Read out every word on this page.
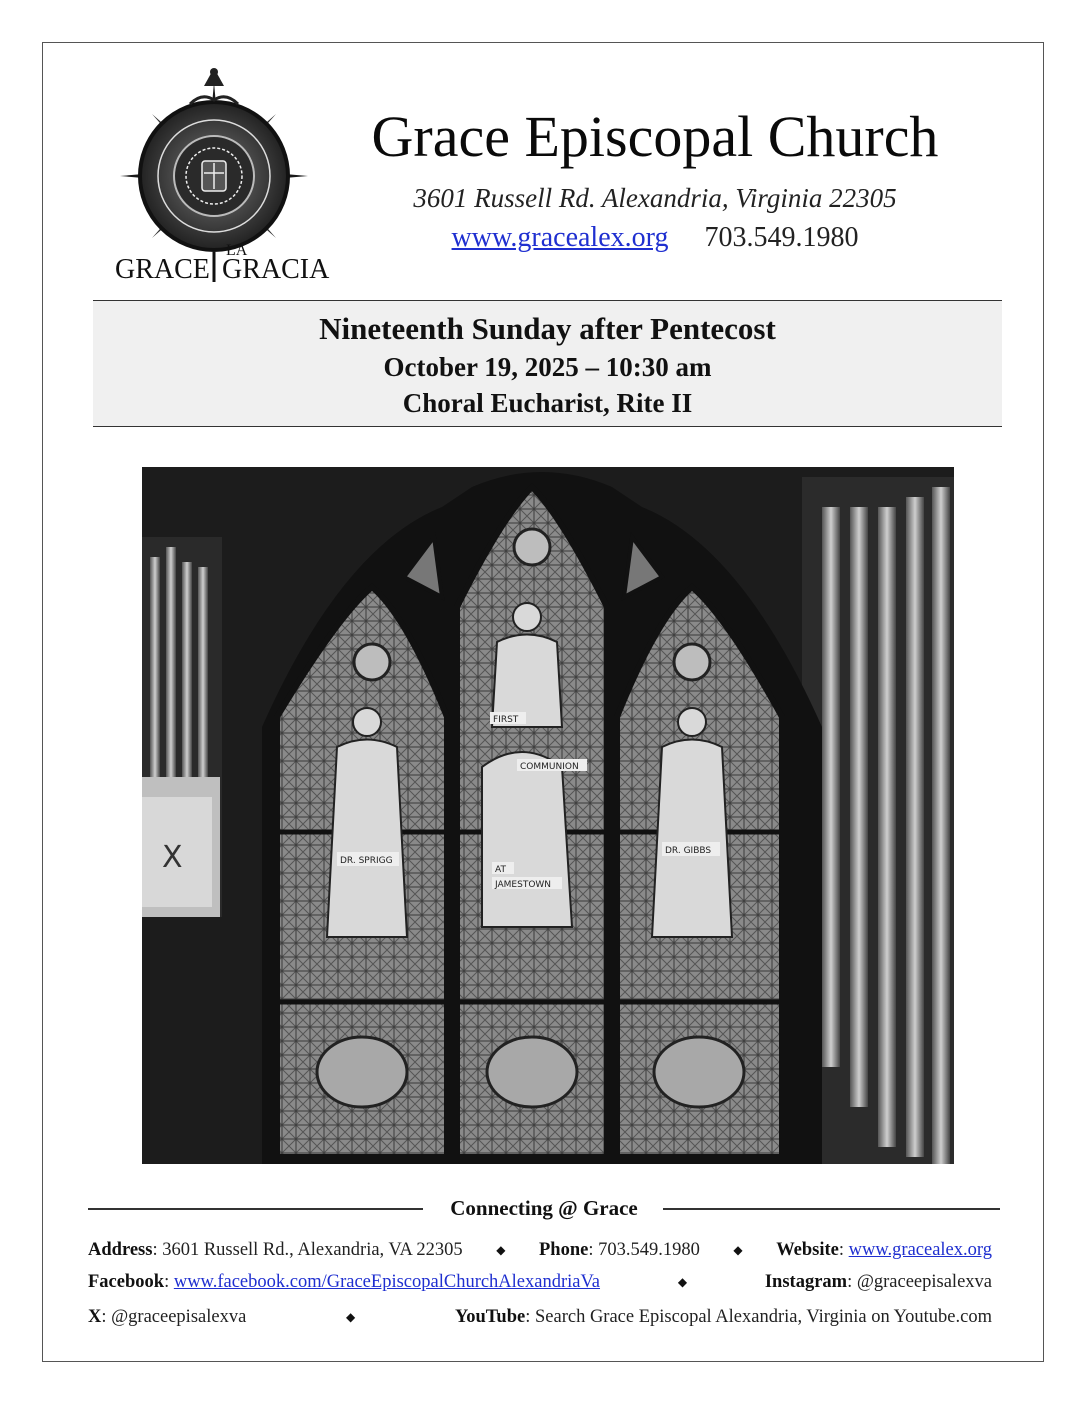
GRACE
LA
GRACIA
Grace Episcopal Church
3601 Russell Rd. Alexandria, Virginia 22305
www.gracealex.org 703.549.1980
Nineteenth Sunday after Pentecost
October 19, 2025 – 10:30 am
Choral Eucharist, Rite II
X	DR. SPRIGG
FIRST
COMMUNION
AT
JAMESTOWN
DR. GIBBS
Connecting @ Grace
Address: 3601 Russell Rd., Alexandria, VA 22305	◆ Phone: 703.549.1980	◆ Website: www.gracealex.org
Facebook: www.facebook.com/GraceEpiscopalChurchAlexandriaVa	◆	Instagram: @graceepisalexva
X: @graceepisalexva	◆	YouTube: Search Grace Episcopal Alexandria, Virginia on Youtube.com
